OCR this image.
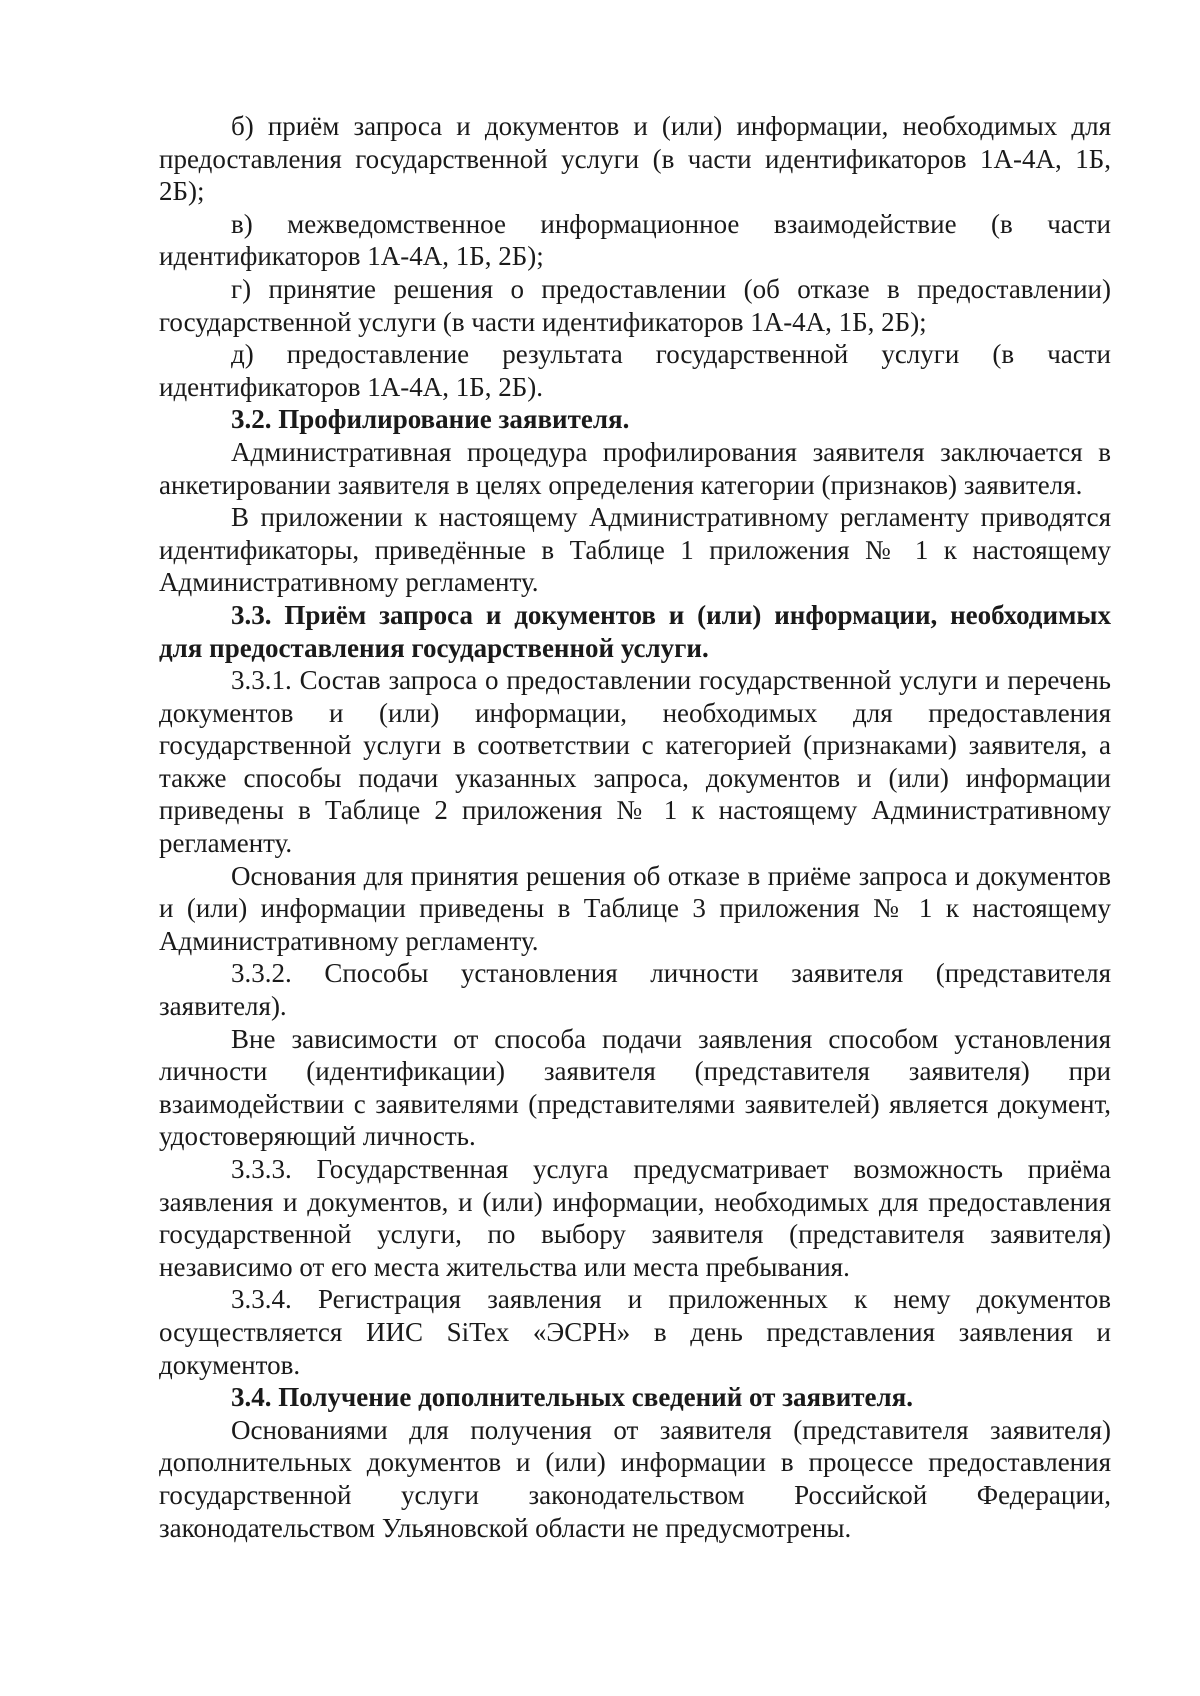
б) приём запроса и документов и (или) информации, необходимых для предоставления государственной услуги (в части идентификаторов 1А-4А, 1Б, 2Б);

в) межведомственное информационное взаимодействие (в части идентификаторов 1А-4А, 1Б, 2Б);

г) принятие решения о предоставлении (об отказе в предоставлении) государственной услуги (в части идентификаторов 1А-4А, 1Б, 2Б);

д) предоставление результата государственной услуги (в части идентификаторов 1А-4А, 1Б, 2Б).

3.2. Профилирование заявителя.

Административная процедура профилирования заявителя заключается в анкетировании заявителя в целях определения категории (признаков) заявителя.

В приложении к настоящему Административному регламенту приводятся идентификаторы, приведённые в Таблице 1 приложения № 1 к настоящему Административному регламенту.

3.3. Приём запроса и документов и (или) информации, необходимых для предоставления государственной услуги.

3.3.1. Состав запроса о предоставлении государственной услуги и перечень документов и (или) информации, необходимых для предоставления государственной услуги в соответствии с категорией (признаками) заявителя, а также способы подачи указанных запроса, документов и (или) информации приведены в Таблице 2 приложения № 1 к настоящему Административному регламенту.

Основания для принятия решения об отказе в приёме запроса и документов и (или) информации приведены в Таблице 3 приложения № 1 к настоящему Административному регламенту.

3.3.2. Способы установления личности заявителя (представителя заявителя).

Вне зависимости от способа подачи заявления способом установления личности (идентификации) заявителя (представителя заявителя) при взаимодействии с заявителями (представителями заявителей) является документ, удостоверяющий личность.

3.3.3. Государственная услуга предусматривает возможность приёма заявления и документов, и (или) информации, необходимых для предоставления государственной услуги, по выбору заявителя (представителя заявителя) независимо от его места жительства или места пребывания.

3.3.4. Регистрация заявления и приложенных к нему документов осуществляется ИИС SiTex «ЭСРН» в день представления заявления и документов.

3.4. Получение дополнительных сведений от заявителя.

Основаниями для получения от заявителя (представителя заявителя) дополнительных документов и (или) информации в процессе предоставления государственной услуги законодательством Российской Федерации, законодательством Ульяновской области не предусмотрены.
